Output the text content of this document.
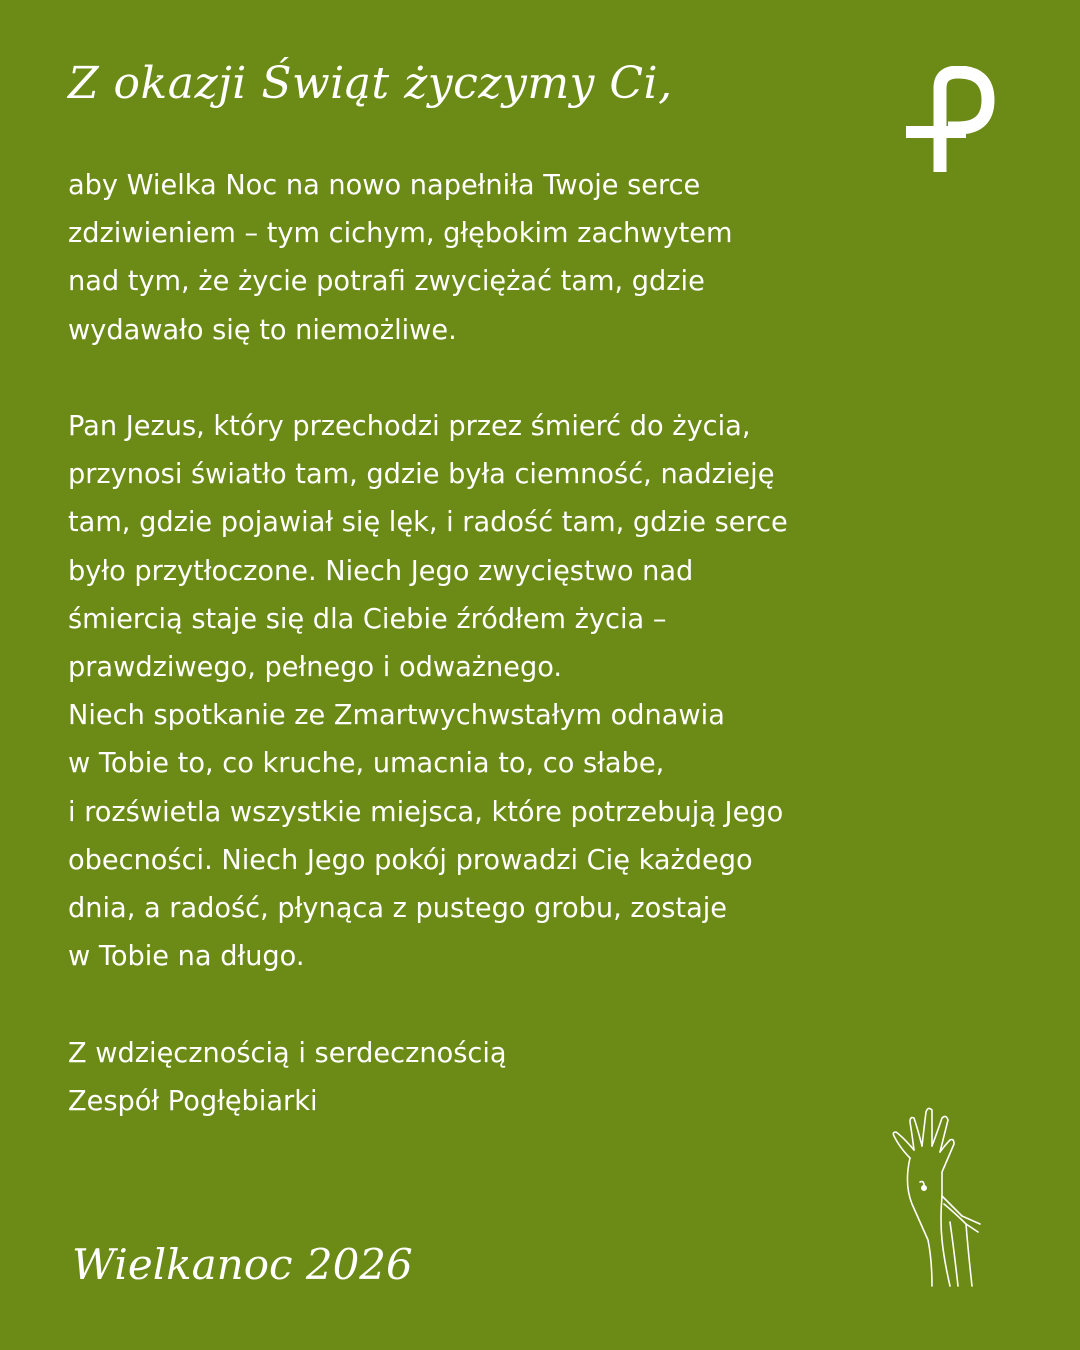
Z okazji Świąt życzymy Ci,

aby Wielka Noc na nowo napełniła Twoje serce
zdziwieniem – tym cichym, głębokim zachwytem
nad tym, że życie potrafi zwyciężać tam, gdzie
wydawało się to niemożliwe.

Pan Jezus, który przechodzi przez śmierć do życia,
przynosi światło tam, gdzie była ciemność, nadzieję
tam, gdzie pojawiał się lęk, i radość tam, gdzie serce
było przytłoczone. Niech Jego zwycięstwo nad
śmiercią staje się dla Ciebie źródłem życia –
prawdziwego, pełnego i odważnego.
Niech spotkanie ze Zmartwychwstałym odnawia
w Tobie to, co kruche, umacnia to, co słabe,
i rozświetla wszystkie miejsca, które potrzebują Jego
obecności. Niech Jego pokój prowadzi Cię każdego
dnia, a radość, płynąca z pustego grobu, zostaje
w Tobie na długo.

Z wdzięcznością i serdecznością
Zespół Pogłębiarki

Wielkanoc 2026
